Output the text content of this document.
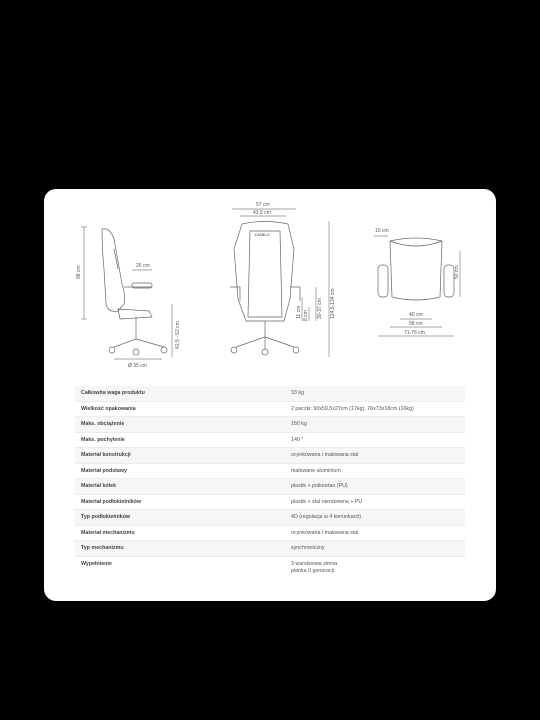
88 cm	26 cm
42,5 - 52 cm
Ø 35 cm
57 cm
43,5 cm
DIABLO
11 cm 8 cm 30-37 cm 124,5-134 cm
10 cm
50 cm
40 cm
58 cm
71-76 cm
Całkowita waga produktu	33 kg
Wielkość opakowania	2 paczki: 90x59,5x27cm (17kg), 76x73x18cm (16kg)
Maks. obciążenie	150 kg
Maks. pochylenie	140 °
Materiał konstrukcji	ocynkowana i malowana stal
Materiał podstawy	malowane aluminium
Materiał kółek	plastik + poliuretan (PU)
Materiał podłokietników	plastik + stal nierdzewna + PU
Typ podłokietników	4D (regulacja w 4 kierunkach)
Materiał mechanizmu	ocynkowana i malowana stal
Typ mechanizmu	synchroniczny
Wypełnienie	3 warstwowa zimna
pianka II generacji
